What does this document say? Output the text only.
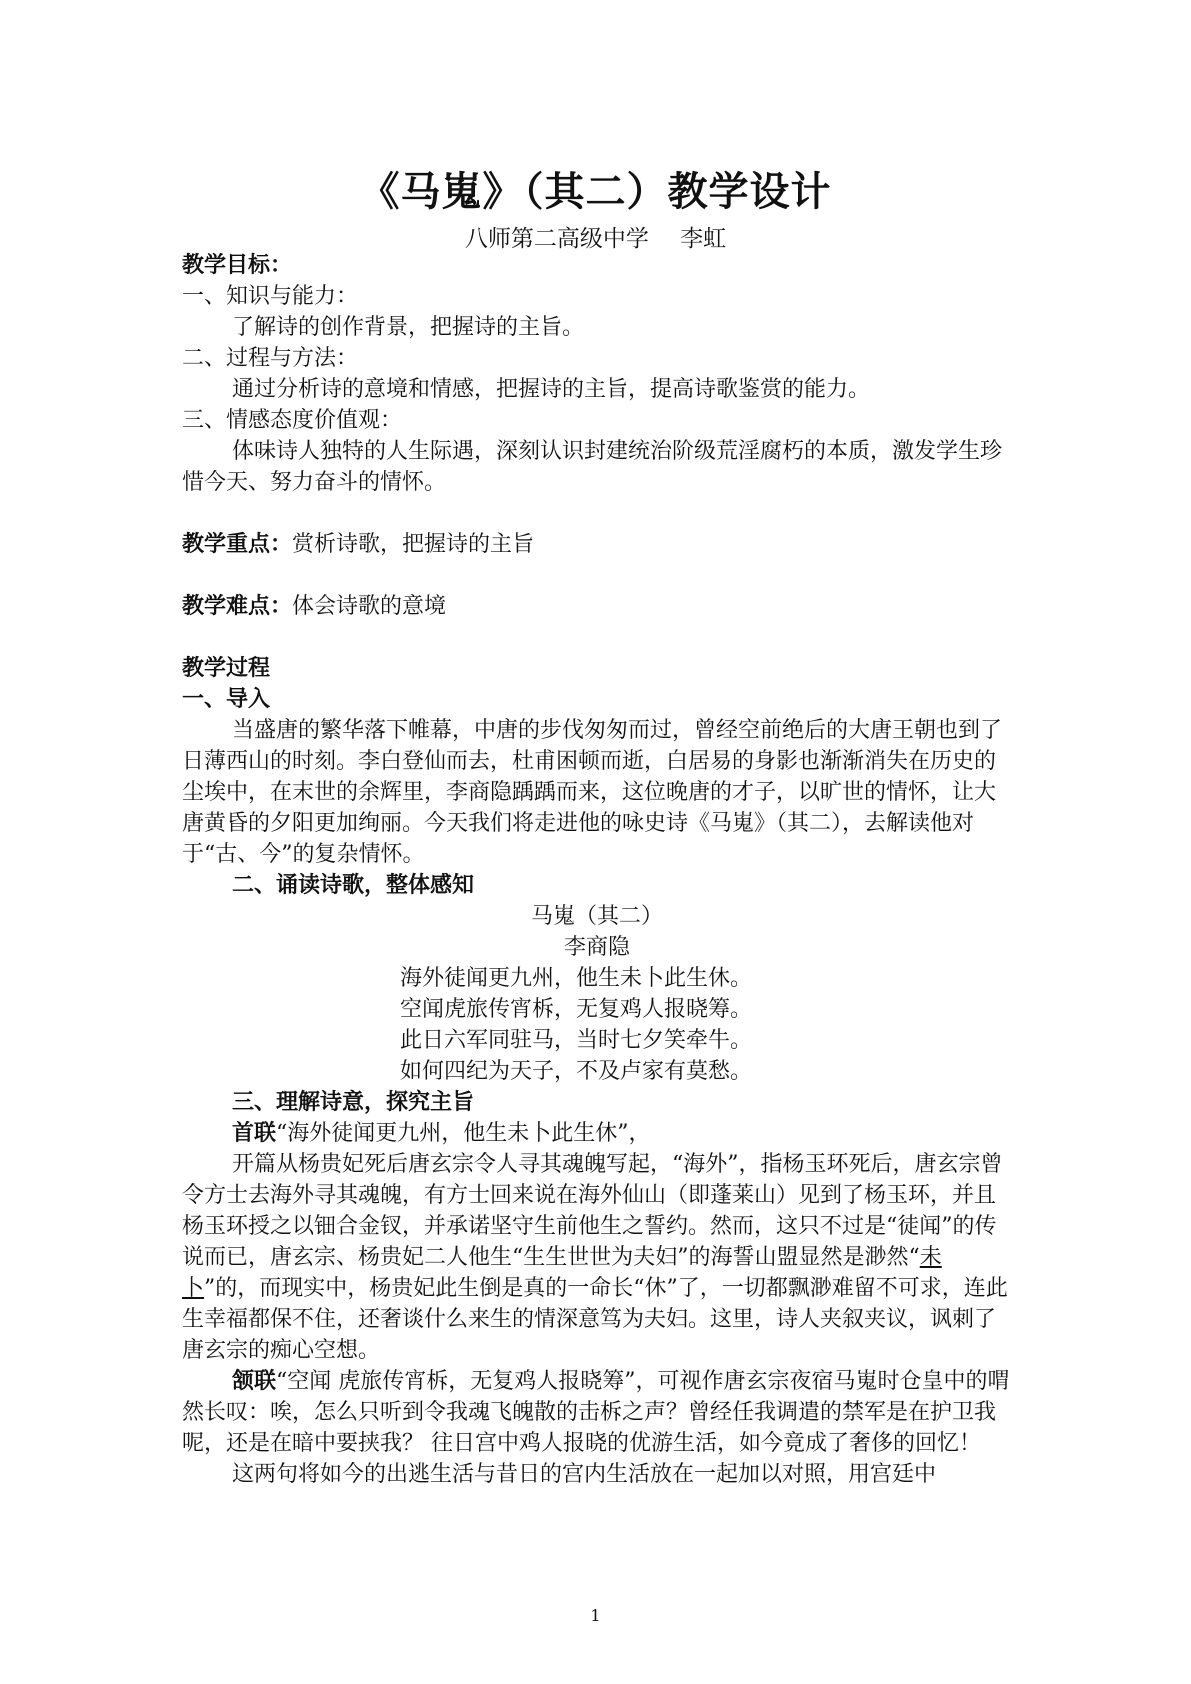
《马嵬》（其二）教学设计
八师第二高级中学 李虹

教学目标：

一、知识与能力：

了解诗的创作背景，把握诗的主旨。

二、过程与方法：

通过分析诗的意境和情感，把握诗的主旨，提高诗歌鉴赏的能力。

三、情感态度价值观：

体味诗人独特的人生际遇，深刻认识封建统治阶级荒淫腐朽的本质，激发学生珍惜今天、努力奋斗的情怀。

教学重点：赏析诗歌，把握诗的主旨

教学难点：体会诗歌的意境

教学过程

一、导入

当盛唐的繁华落下帷幕，中唐的步伐匆匆而过，曾经空前绝后的大唐王朝也到了日薄西山的时刻。李白登仙而去，杜甫困顿而逝，白居易的身影也渐渐消失在历史的尘埃中，在末世的余辉里，李商隐踽踽而来，这位晚唐的才子，以旷世的情怀，让大唐黄昏的夕阳更加绚丽。今天我们将走进他的咏史诗《马嵬》（其二），去解读他对于“古、今”的复杂情怀。

二、诵读诗歌，整体感知

马嵬（其二）

李商隐

海外徒闻更九州，他生未卜此生休。

空闻虎旅传宵柝，无复鸡人报晓筹。

此日六军同驻马，当时七夕笑牵牛。

如何四纪为天子，不及卢家有莫愁。

三、理解诗意，探究主旨

首联“海外徒闻更九州，他生未卜此生休”，

开篇从杨贵妃死后唐玄宗令人寻其魂魄写起，“海外”，指杨玉环死后，唐玄宗曾令方士去海外寻其魂魄，有方士回来说在海外仙山（即蓬莱山）见到了杨玉环，并且杨玉环授之以钿合金钗，并承诺坚守生前他生之誓约。然而，这只不过是“徒闻”的传说而已，唐玄宗、杨贵妃二人他生“生生世世为夫妇”的海誓山盟显然是渺然“未卜”的，而现实中，杨贵妃此生倒是真的一命长“休”了，一切都飘渺难留不可求，连此生幸福都保不住，还奢谈什么来生的情深意笃为夫妇。这里，诗人夹叙夹议，讽刺了唐玄宗的痴心空想。

颔联“空闻 虎旅传宵柝，无复鸡人报晓筹”，可视作唐玄宗夜宿马嵬时仓皇中的喟然长叹：唉，怎么只听到令我魂飞魄散的击柝之声？曾经任我调遣的禁军是在护卫我呢，还是在暗中要挟我？ 往日宫中鸡人报晓的优游生活，如今竟成了奢侈的回忆！

这两句将如今的出逃生活与昔日的宫内生活放在一起加以对照，用宫廷中

1
